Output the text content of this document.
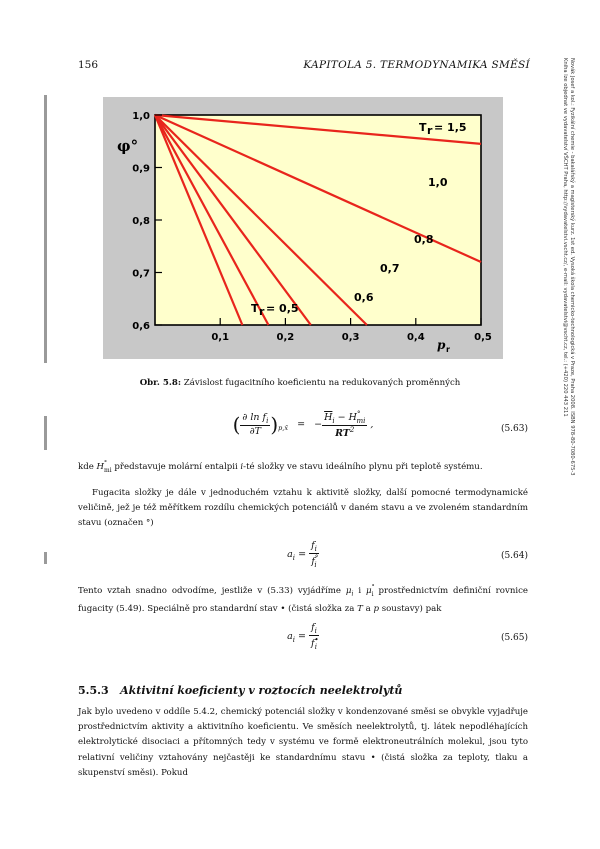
156	KAPITOLA 5. TERMODYNAMIKA SMĚSÍ	Novák Josef a kol.: Fyzikální chemie - bakalářský a magisterský kurz. 1st ed. Vysoká škola chemicko-technologická v Praze, Praha 2008. ISBN 978-80-7080-675-3
Kniha lze objednat ve vydavatelství VŠCHT Praha, http://vydavatelstvi.vscht.cz/, e-mail: vydavatelstvi@vscht.cz, tel.: (+420) 220 443 211
0,6
0,7
0,8
0,9
1,0
0,1	0,2	0,3	0,4	0,5
φ°
p r
T r = 1,5
1,0
0,8
0,7
0,6
T r = 0,5
Obr. 5.8: Závislost fugacitního koeficientu na redukovaných proměnných
( $\frac{\partial \ln f_i}{\partial T} )_{p,x̄}$ = − $\frac{\overline{H}_i - H^\circ_{mi}}{RT^2}$ ,	(5.63)
kde $H^\circ_{mi}$ představuje molární entalpii i-té složky ve stavu ideálního plynu při teplotě systému.
Fugacita složky je dále v jednoduchém vztahu k aktivitě složky, další pomocné termodynamické veličině, jež je též měřítkem rozdílu chemických potenciálů v daném stavu a ve zvoleném standardním stavu (označen °)
$a_i = \frac{f_i}{f^\circ_i}$	(5.64)
Tento vztah snadno odvodíme, jestliže v (5.33) vyjádříme $\mu_i$ i $\mu^\circ_i$ prostřednictvím definiční rovnice fugacity (5.49). Speciálně pro standardní stav • (čistá složka za T a p soustavy) pak
$a_i = \frac{f_i}{f^•_i}$	(5.65)
5.5.3 Aktivitní koeficienty v roztocích neelektrolytů
Jak bylo uvedeno v oddíle 5.4.2, chemický potenciál složky v kondenzované směsi se obvykle vyjadřuje prostřednictvím aktivity a aktivitního koeficientu. Ve směsích neelektrolytů, tj. látek nepodléhajících elektrolytické disociaci a přítomných tedy v systému ve formě elektroneutrálních molekul, jsou tyto relativní veličiny vztahovány nejčastěji ke standardnímu stavu • (čistá složka za teploty, tlaku a skupenství směsi). Pokud
